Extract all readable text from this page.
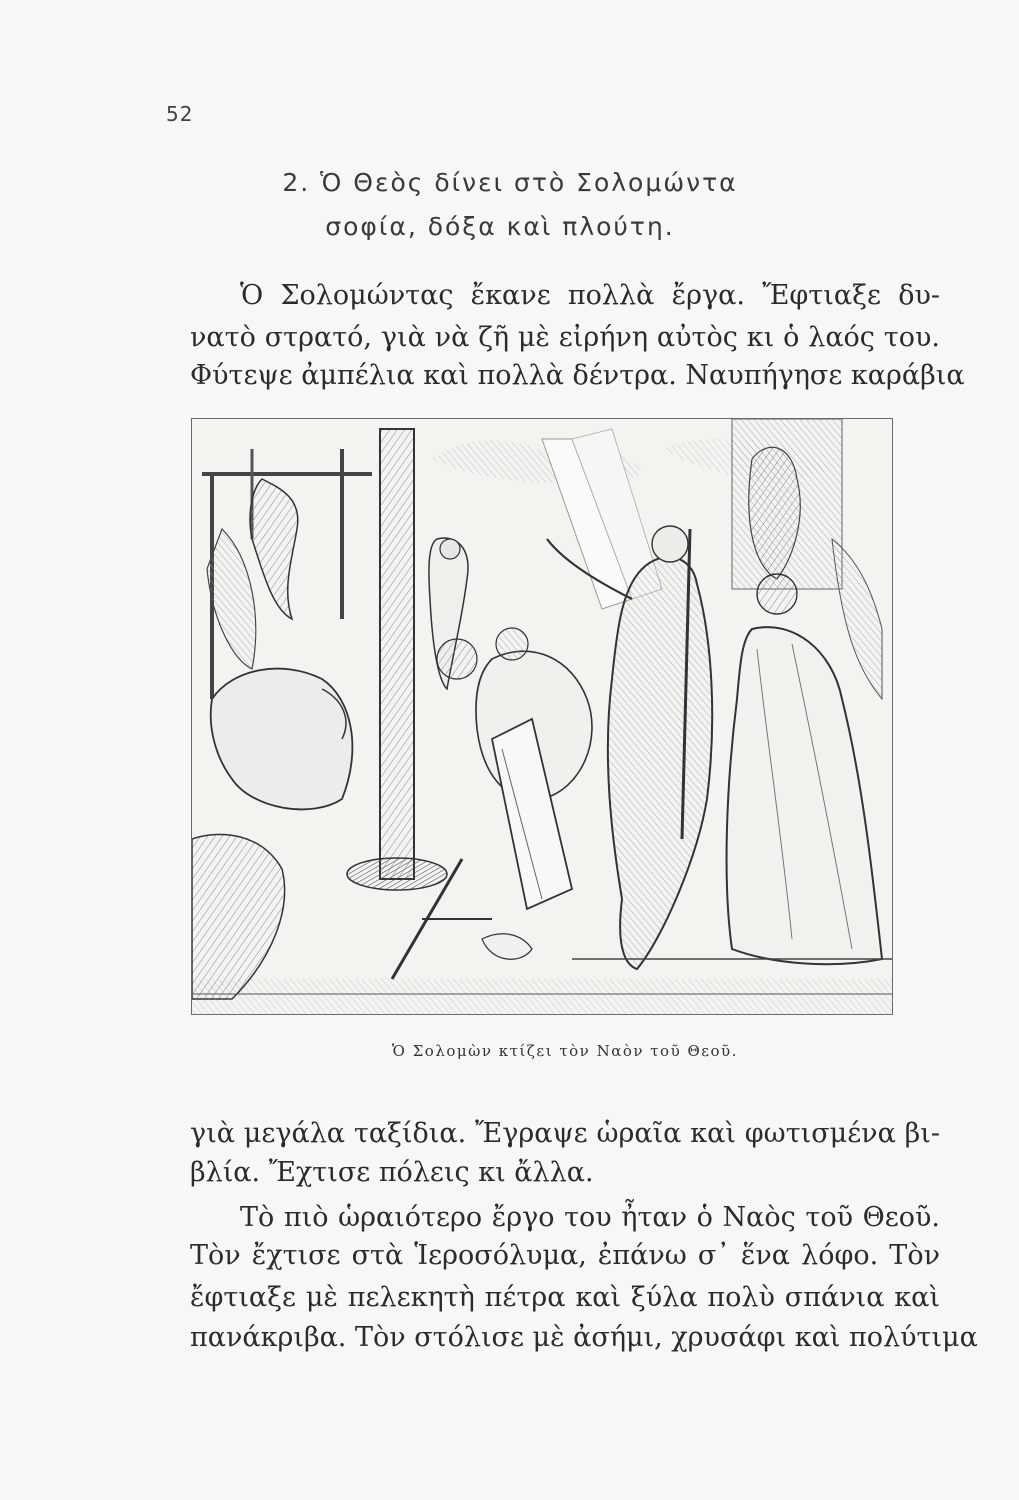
52
2. Ὁ Θεὸς δίνει στὸ Σολομώντα
σοφία, δόξα καὶ πλούτη.
Ὁ Σολομώντας ἔκανε πολλὰ ἔργα. Ἔφτιαξε δυ-
νατὸ στρατό, γιὰ νὰ ζῆ μὲ εἰρήνη αὐτὸς κι ὁ λαός του.
Φύτεψε ἀμπέλια καὶ πολλὰ δέντρα. Ναυπήγησε καράβια
Ὁ Σολομὼν κτίζει τὸν Ναὸν τοῦ Θεοῦ.
γιὰ μεγάλα ταξίδια. Ἔγραψε ὡραῖα καὶ φωτισμένα βι-
βλία. Ἔχτισε πόλεις κι ἄλλα.
Τὸ πιὸ ὡραιότερο ἔργο του ἦταν ὁ Ναὸς τοῦ Θεοῦ.
Τὸν ἔχτισε στὰ Ἱεροσόλυμα, ἐπάνω σ᾿ ἕνα λόφο. Τὸν
ἔφτιαξε μὲ πελεκητὴ πέτρα καὶ ξύλα πολὺ σπάνια καὶ
πανάκριβα. Τὸν στόλισε μὲ ἀσήμι, χρυσάφι καὶ πολύτιμα
